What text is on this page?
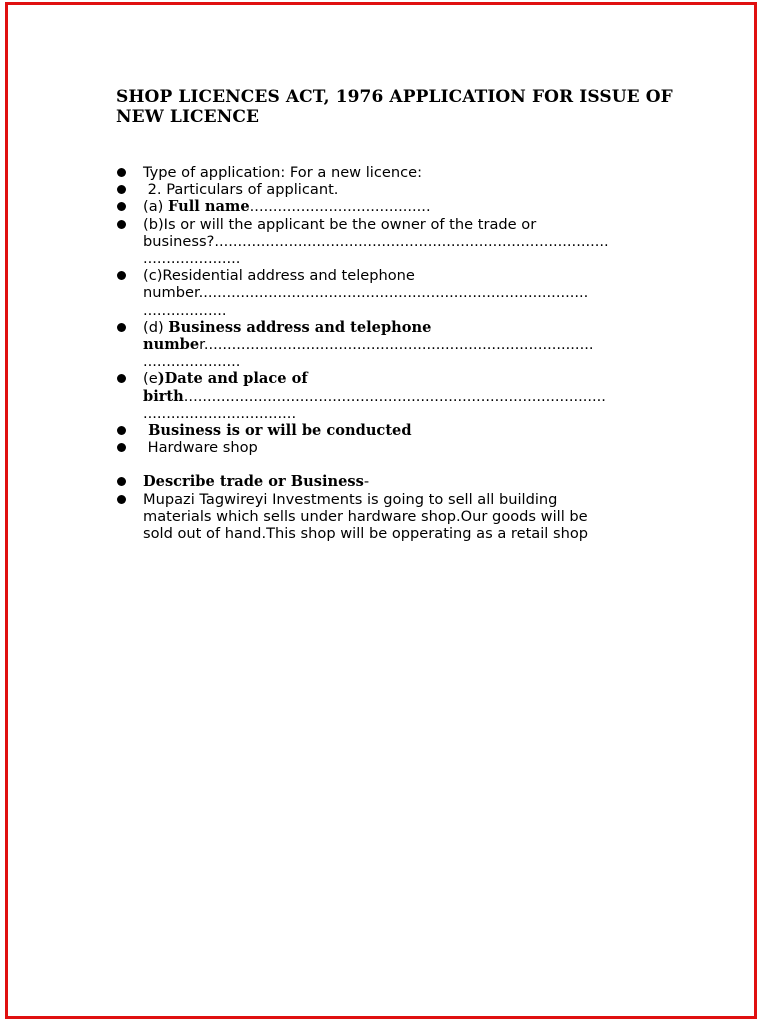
SHOP LICENCES ACT, 1976 APPLICATION FOR ISSUE OF NEW LICENCE
Type of application: For a new licence:
2. Particulars of applicant.
(a) Full name.......................................
(b)Is or will the applicant be the owner of the trade or
business?.....................................................................................
.....................
(c)Residential address and telephone
number....................................................................................
..................
(d) Business address and telephone
number....................................................................................
.....................
(e)Date and place of
birth...........................................................................................
.................................
Business is or will be conducted
Hardware shop
Describe trade or Business-
Mupazi Tagwireyi Investments is going to sell all building
materials which sells under hardware shop.Our goods will be
sold out of hand.This shop will be opperating as a retail shop
